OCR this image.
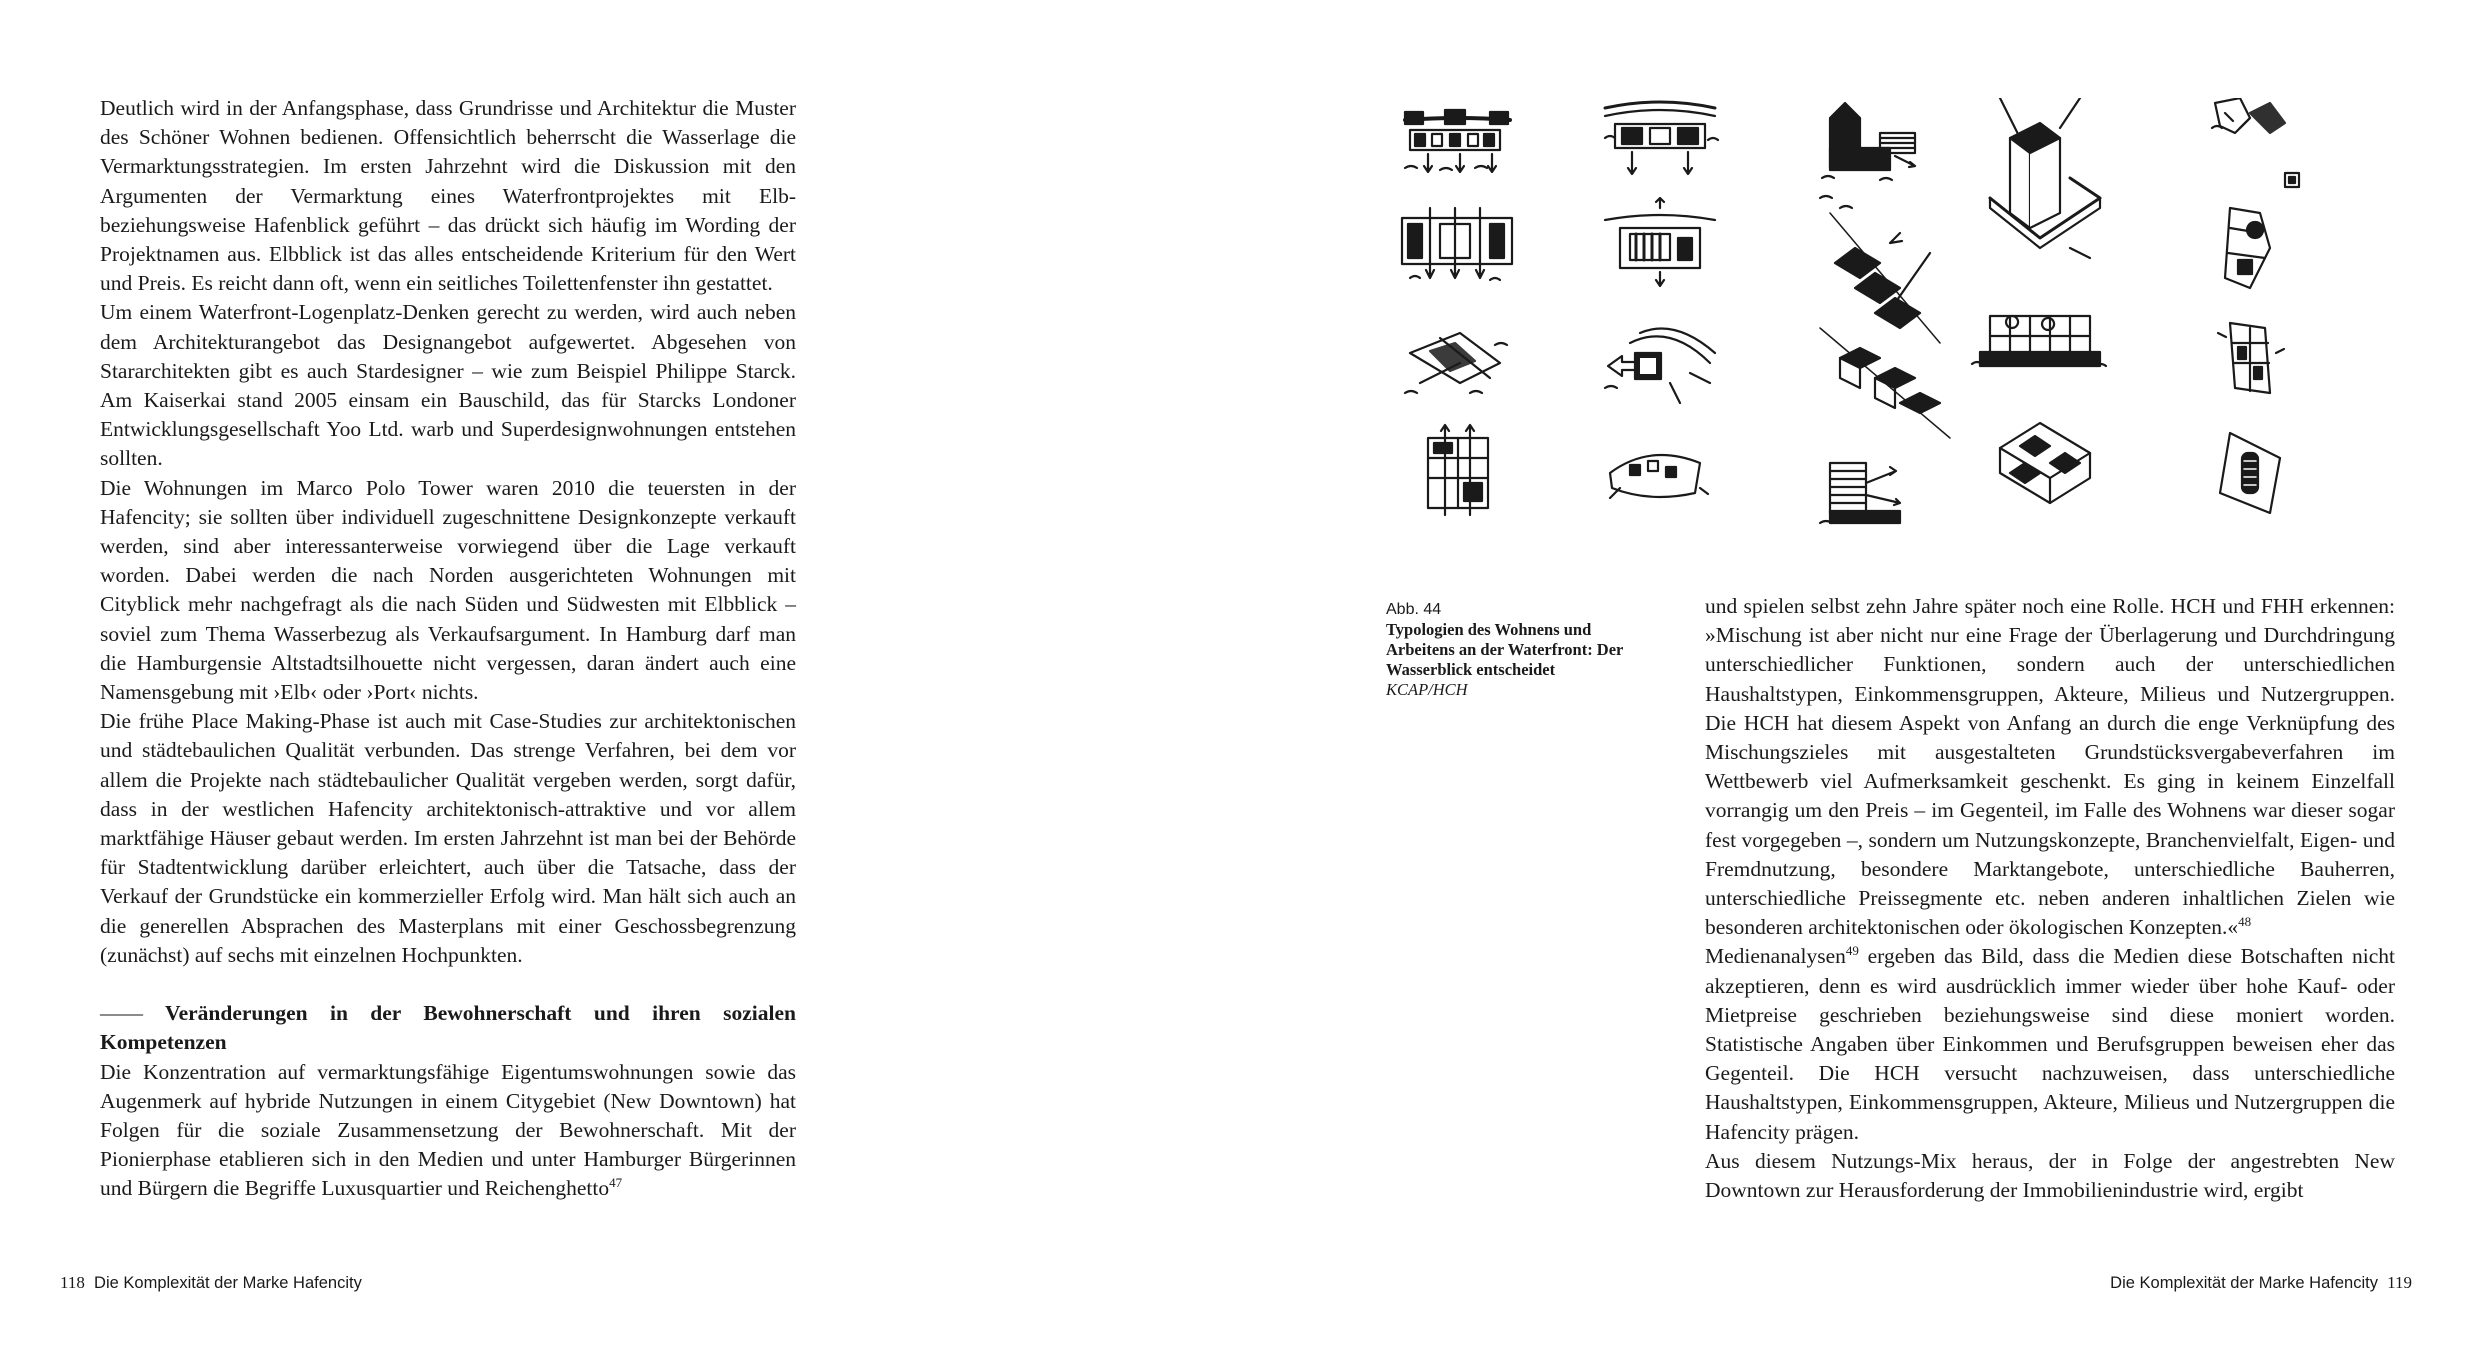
Deutlich wird in der Anfangsphase, dass Grundrisse und Architektur die Muster des Schöner Wohnen bedienen. Offensichtlich beherrscht die Wasserlage die Vermarktungsstrategien. Im ersten Jahrzehnt wird die Diskussion mit den Argumenten der Vermarktung eines Waterfrontprojektes mit Elb- beziehungsweise Hafenblick geführt – das drückt sich häufig im Wording der Projektnamen aus. Elbblick ist das alles entscheidende Kriterium für den Wert und Preis. Es reicht dann oft, wenn ein seitliches Toilettenfenster ihn gestattet.

Um einem Waterfront-Logenplatz-Denken gerecht zu werden, wird auch neben dem Architekturangebot das Designangebot aufgewertet. Abgesehen von Stararchitekten gibt es auch Stardesigner – wie zum Beispiel Philippe Starck. Am Kaiserkai stand 2005 einsam ein Bauschild, das für Starcks Londoner Entwicklungsgesellschaft Yoo Ltd. warb und Superdesignwohnungen entstehen sollten.

Die Wohnungen im Marco Polo Tower waren 2010 die teuersten in der Hafencity; sie sollten über individuell zugeschnittene Designkonzepte verkauft werden, sind aber interessanterweise vorwiegend über die Lage verkauft worden. Dabei werden die nach Norden ausgerichteten Wohnungen mit Cityblick mehr nachgefragt als die nach Süden und Südwesten mit Elbblick – soviel zum Thema Wasserbezug als Verkaufsargument. In Hamburg darf man die Hamburgensie Altstadtsilhouette nicht vergessen, daran ändert auch eine Namensgebung mit ›Elb‹ oder ›Port‹ nichts.

Die frühe Place Making-Phase ist auch mit Case-Studies zur architektonischen und städtebaulichen Qualität verbunden. Das strenge Verfahren, bei dem vor allem die Projekte nach städtebaulicher Qualität vergeben werden, sorgt dafür, dass in der westlichen Hafencity architektonisch-attraktive und vor allem marktfähige Häuser gebaut werden. Im ersten Jahrzehnt ist man bei der Behörde für Stadtentwicklung darüber erleichtert, auch über die Tatsache, dass der Verkauf der Grundstücke ein kommerzieller Erfolg wird. Man hält sich auch an die generellen Absprachen des Masterplans mit einer Geschossbegrenzung (zunächst) auf sechs mit einzelnen Hochpunkten.

—— Veränderungen in der Bewohnerschaft und ihren sozialen Kompetenzen

Die Konzentration auf vermarktungsfähige Eigentumswohnungen sowie das Augenmerk auf hybride Nutzungen in einem Citygebiet (New Downtown) hat Folgen für die soziale Zusammensetzung der Bewohnerschaft. Mit der Pionierphase etablieren sich in den Medien und unter Hamburger Bürgerinnen und Bürgern die Begriffe Luxusquartier und Reichenghetto$^{47}$

118 Die Komplexität der Marke Hafencity
Abb. 44
Typologien des Wohnens und Arbeitens an der Waterfront: Der Wasserblick entscheidet
KCAP/HCH

und spielen selbst zehn Jahre später noch eine Rolle. HCH und FHH erkennen: »Mischung ist aber nicht nur eine Frage der Überlagerung und Durchdringung unterschiedlicher Funktionen, sondern auch der unterschiedlichen Haushaltstypen, Einkommensgruppen, Akteure, Milieus und Nutzergruppen. Die HCH hat diesem Aspekt von Anfang an durch die enge Verknüpfung des Mischungszieles mit ausgestalteten Grundstücksvergabeverfahren im Wettbewerb viel Aufmerksamkeit geschenkt. Es ging in keinem Einzelfall vorrangig um den Preis – im Gegenteil, im Falle des Wohnens war dieser sogar fest vorgegeben –, sondern um Nutzungskonzepte, Branchenvielfalt, Eigen- und Fremdnutzung, besondere Marktangebote, unterschiedliche Bauherren, unterschiedliche Preissegmente etc. neben anderen inhaltlichen Zielen wie besonderen architektonischen oder ökologischen Konzepten.«$^{48}$

Medienanalysen$^{49}$ ergeben das Bild, dass die Medien diese Botschaften nicht akzeptieren, denn es wird ausdrücklich immer wieder über hohe Kauf- oder Mietpreise geschrieben beziehungsweise sind diese moniert worden. Statistische Angaben über Einkommen und Berufsgruppen beweisen eher das Gegenteil. Die HCH versucht nachzuweisen, dass unterschiedliche Haushaltstypen, Einkommensgruppen, Akteure, Milieus und Nutzergruppen die Hafencity prägen.

Aus diesem Nutzungs-Mix heraus, der in Folge der angestrebten New Downtown zur Herausforderung der Immobilienindustrie wird, ergibt

Die Komplexität der Marke Hafencity 119
